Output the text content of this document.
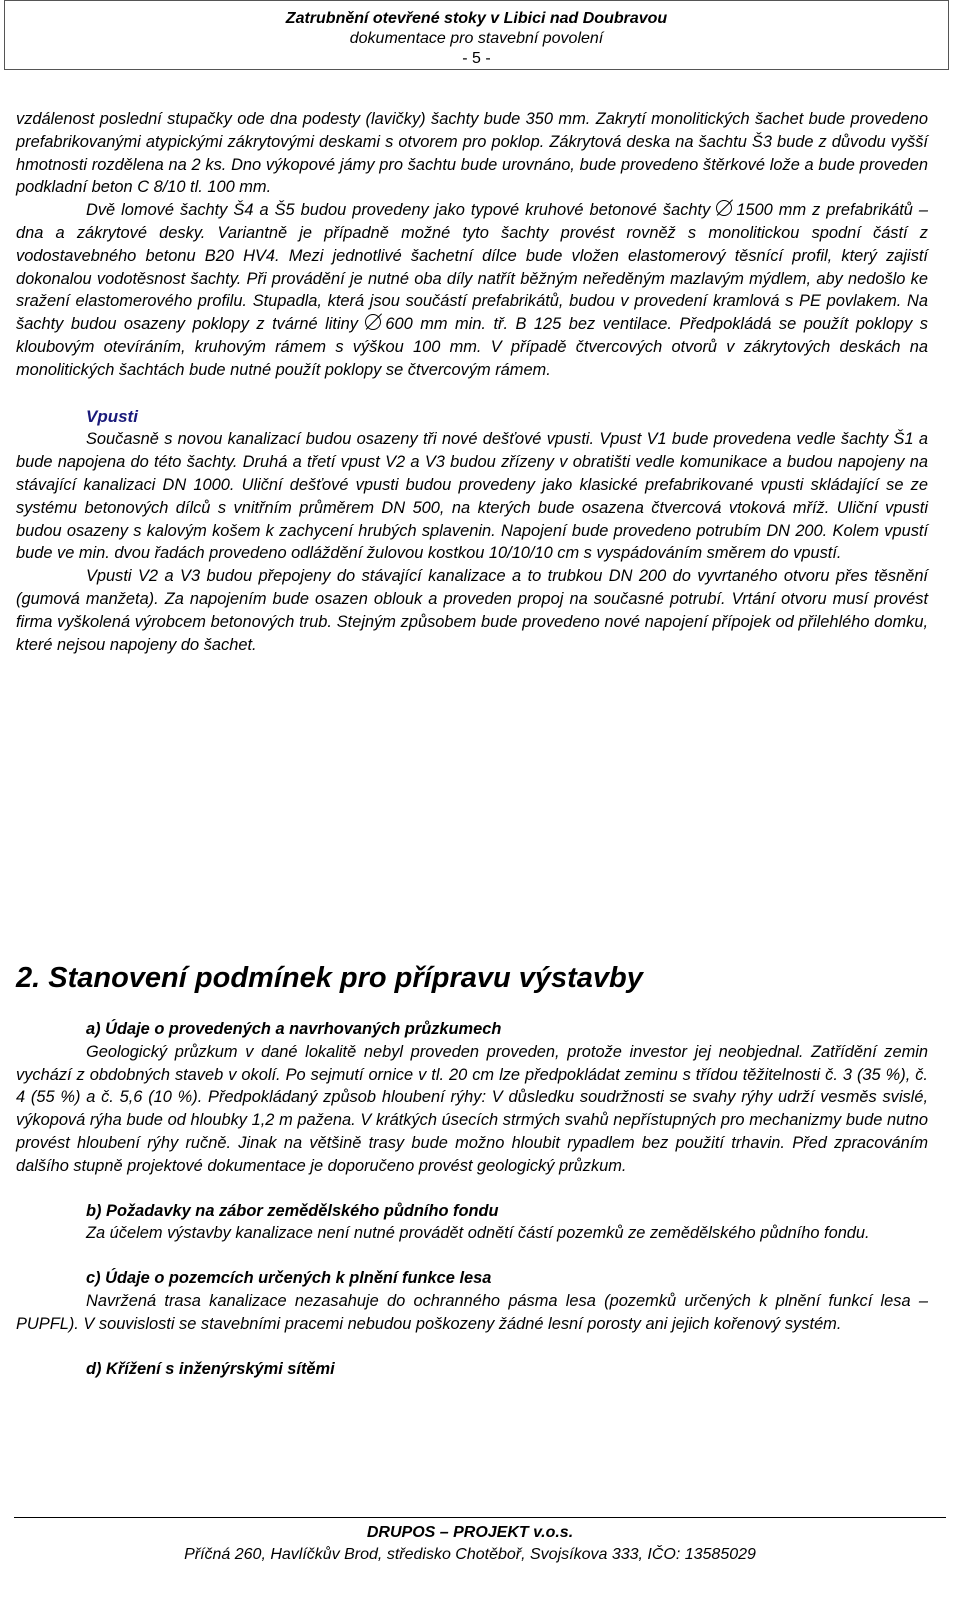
Zatrubnění otevřené stoky v Libici nad Doubravou
dokumentace pro stavební povolení
- 5 -

vzdálenost poslední stupačky ode dna podesty (lavičky) šachty bude 350 mm. Zakrytí monolitických šachet bude provedeno prefabrikovanými atypickými zákrytovými deskami s otvorem pro poklop. Zákrytová deska na šachtu Š3 bude z důvodu vyšší hmotnosti rozdělena na 2 ks. Dno výkopové jámy pro šachtu bude urovnáno, bude provedeno štěrkové lože a bude proveden podkladní beton C 8/10 tl. 100 mm.

Dvě lomové šachty Š4 a Š5 budou provedeny jako typové kruhové betonové šachty 1500 mm z prefabrikátů – dna a zákrytové desky. Variantně je případně možné tyto šachty provést rovněž s monolitickou spodní částí z vodostavebného betonu B20 HV4. Mezi jednotlivé šachetní dílce bude vložen elastomerový těsnící profil, který zajistí dokonalou vodotěsnost šachty. Při provádění je nutné oba díly natřít běžným neředěným mazlavým mýdlem, aby nedošlo ke sražení elastomerového profilu. Stupadla, která jsou součástí prefabrikátů, budou v provedení kramlová s PE povlakem. Na šachty budou osazeny poklopy z tvárné litiny 600 mm min. tř. B 125 bez ventilace. Předpokládá se použít poklopy s kloubovým otevíráním, kruhovým rámem s výškou 100 mm. V případě čtvercových otvorů v zákrytových deskách na monolitických šachtách bude nutné použít poklopy se čtvercovým rámem.

Vpusti

Současně s novou kanalizací budou osazeny tři nové dešťové vpusti. Vpust V1 bude provedena vedle šachty Š1 a bude napojena do této šachty. Druhá a třetí vpust V2 a V3 budou zřízeny v obratišti vedle komunikace a budou napojeny na stávající kanalizaci DN 1000. Uliční dešťové vpusti budou provedeny jako klasické prefabrikované vpusti skládající se ze systému betonových dílců s vnitřním průměrem DN 500, na kterých bude osazena čtvercová vtoková mříž. Uliční vpusti budou osazeny s kalovým košem k zachycení hrubých splavenin. Napojení bude provedeno potrubím DN 200. Kolem vpustí bude ve min. dvou řadách provedeno odláždění žulovou kostkou 10/10/10 cm s vyspádováním směrem do vpustí.

Vpusti V2 a V3 budou přepojeny do stávající kanalizace a to trubkou DN 200 do vyvrtaného otvoru přes těsnění (gumová manžeta). Za napojením bude osazen oblouk a proveden propoj na současné potrubí. Vrtání otvoru musí provést firma vyškolená výrobcem betonových trub. Stejným způsobem bude provedeno nové napojení přípojek od přilehlého domku, které nejsou napojeny do šachet.

2. Stanovení podmínek pro přípravu výstavby
a) Údaje o provedených a navrhovaných průzkumech

Geologický průzkum v dané lokalitě nebyl proveden proveden, protože investor jej neobjednal. Zatřídění zemin vychází z obdobných staveb v okolí. Po sejmutí ornice v tl. 20 cm lze předpokládat zeminu s třídou těžitelnosti č. 3 (35 %), č. 4 (55 %) a č. 5,6 (10 %). Předpokládaný způsob hloubení rýhy: V důsledku soudržnosti se svahy rýhy udrží vesměs svislé, výkopová rýha bude od hloubky 1,2 m pažena. V krátkých úsecích strmých svahů nepřístupných pro mechanizmy bude nutno provést hloubení rýhy ručně. Jinak na většině trasy bude možno hloubit rypadlem bez použití trhavin. Před zpracováním dalšího stupně projektové dokumentace je doporučeno provést geologický průzkum.

b) Požadavky na zábor zemědělského půdního fondu

Za účelem výstavby kanalizace není nutné provádět odnětí částí pozemků ze zemědělského půdního fondu.

c) Údaje o pozemcích určených k plnění funkce lesa

Navržená trasa kanalizace nezasahuje do ochranného pásma lesa (pozemků určených k plnění funkcí lesa – PUPFL). V souvislosti se stavebními pracemi nebudou poškozeny žádné lesní porosty ani jejich kořenový systém.

d) Křížení s inženýrskými sítěmi
DRUPOS – PROJEKT v.o.s.
Příčná 260, Havlíčkův Brod, středisko Chotěboř, Svojsíkova 333, IČO: 13585029
